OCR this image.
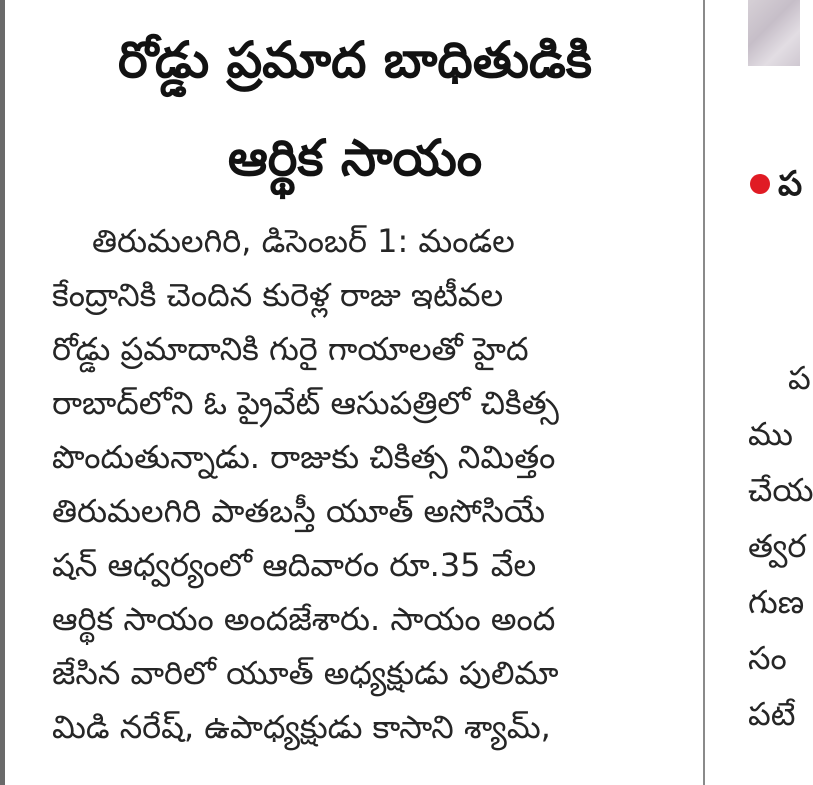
రోడ్డు ప్రమాద బాధితుడికి
ఆర్థిక సాయం
తిరుమలగిరి, డిసెంబర్ 1: మండల
కేంద్రానికి చెందిన కురెళ్ల రాజు ఇటీవల
రోడ్డు ప్రమాదానికి గురై గాయాలతో హైద
రాబాద్‌లోని ఓ ప్రైవేట్ ఆసుపత్రిలో చికిత్స
పొందుతున్నాడు. రాజుకు చికిత్స నిమిత్తం
తిరుమలగిరి పాతబస్తీ యూత్ అసోసియే
షన్ ఆధ్వర్యంలో ఆదివారం రూ.35 వేల
ఆర్థిక సాయం అందజేశారు. సాయం అంద
జేసిన వారిలో యూత్ అధ్యక్షుడు పులిమా
మిడి నరేష్, ఉపాధ్యక్షుడు కాసాని శ్యామ్,
ప
ప
ము
చేయ
త్వర
గుణ
సం
పటే
